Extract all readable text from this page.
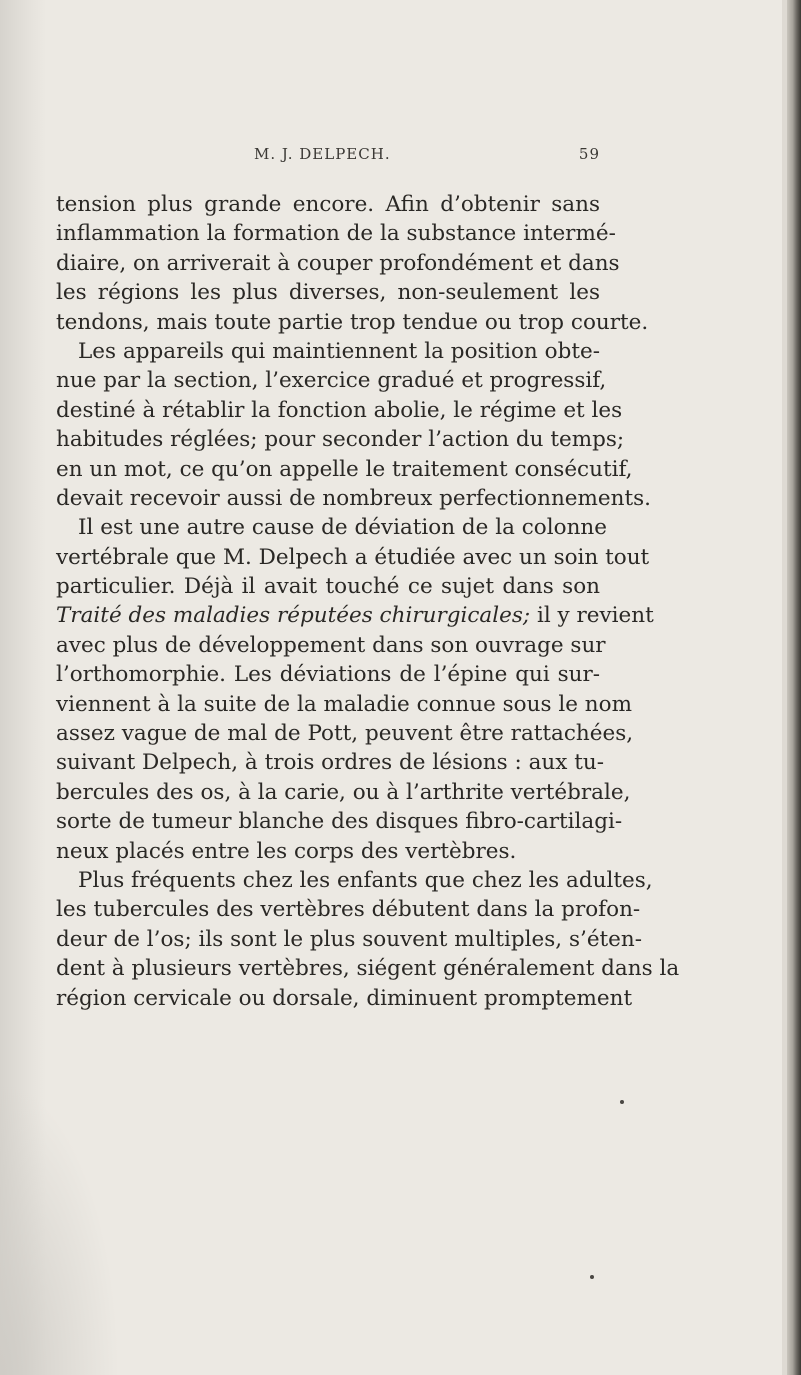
M. J. DELPECH.	59
tension plus grande encore. Afin d’obtenir sans
inflammation la formation de la substance intermé-
diaire, on arriverait à couper profondément et dans
les régions les plus diverses, non-seulement les
tendons, mais toute partie trop tendue ou trop courte.
Les appareils qui maintiennent la position obte-
nue par la section, l’exercice gradué et progressif,
destiné à rétablir la fonction abolie, le régime et les
habitudes réglées; pour seconder l’action du temps;
en un mot, ce qu’on appelle le traitement consécutif,
devait recevoir aussi de nombreux perfectionnements.
Il est une autre cause de déviation de la colonne
vertébrale que M. Delpech a étudiée avec un soin tout
particulier. Déjà il avait touché ce sujet dans son
Traité des maladies réputées chirurgicales; il y revient
avec plus de développement dans son ouvrage sur
l’orthomorphie. Les déviations de l’épine qui sur-
viennent à la suite de la maladie connue sous le nom
assez vague de mal de Pott, peuvent être rattachées,
suivant Delpech, à trois ordres de lésions : aux tu-
bercules des os, à la carie, ou à l’arthrite vertébrale,
sorte de tumeur blanche des disques fibro-cartilagi-
neux placés entre les corps des vertèbres.
Plus fréquents chez les enfants que chez les adultes,
les tubercules des vertèbres débutent dans la profon-
deur de l’os; ils sont le plus souvent multiples, s’éten-
dent à plusieurs vertèbres, siégent généralement dans la
région cervicale ou dorsale, diminuent promptement
